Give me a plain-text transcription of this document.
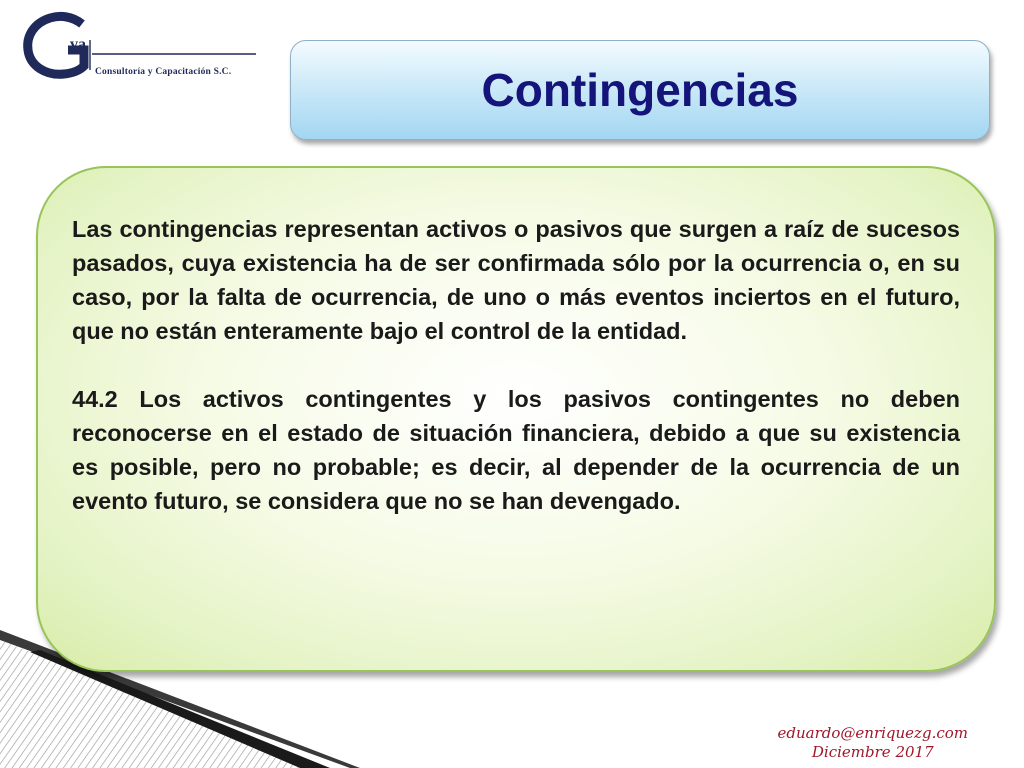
va
Consultoría y Capacitación S.C.	Contingencias

Las contingencias representan activos o pasivos que surgen a raíz de sucesos pasados, cuya existencia ha de ser confirmada sólo por la ocurrencia o, en su caso, por la falta de ocurrencia, de uno o más eventos inciertos en el futuro, que no están enteramente bajo el control de la entidad.

44.2 Los activos contingentes y los pasivos contingentes no deben reconocerse en el estado de situación financiera, debido a que su existencia es posible, pero no probable; es decir, al depender de la ocurrencia de un evento futuro, se considera que no se han devengado.

eduardo@enriquezg.com
Diciembre 2017
